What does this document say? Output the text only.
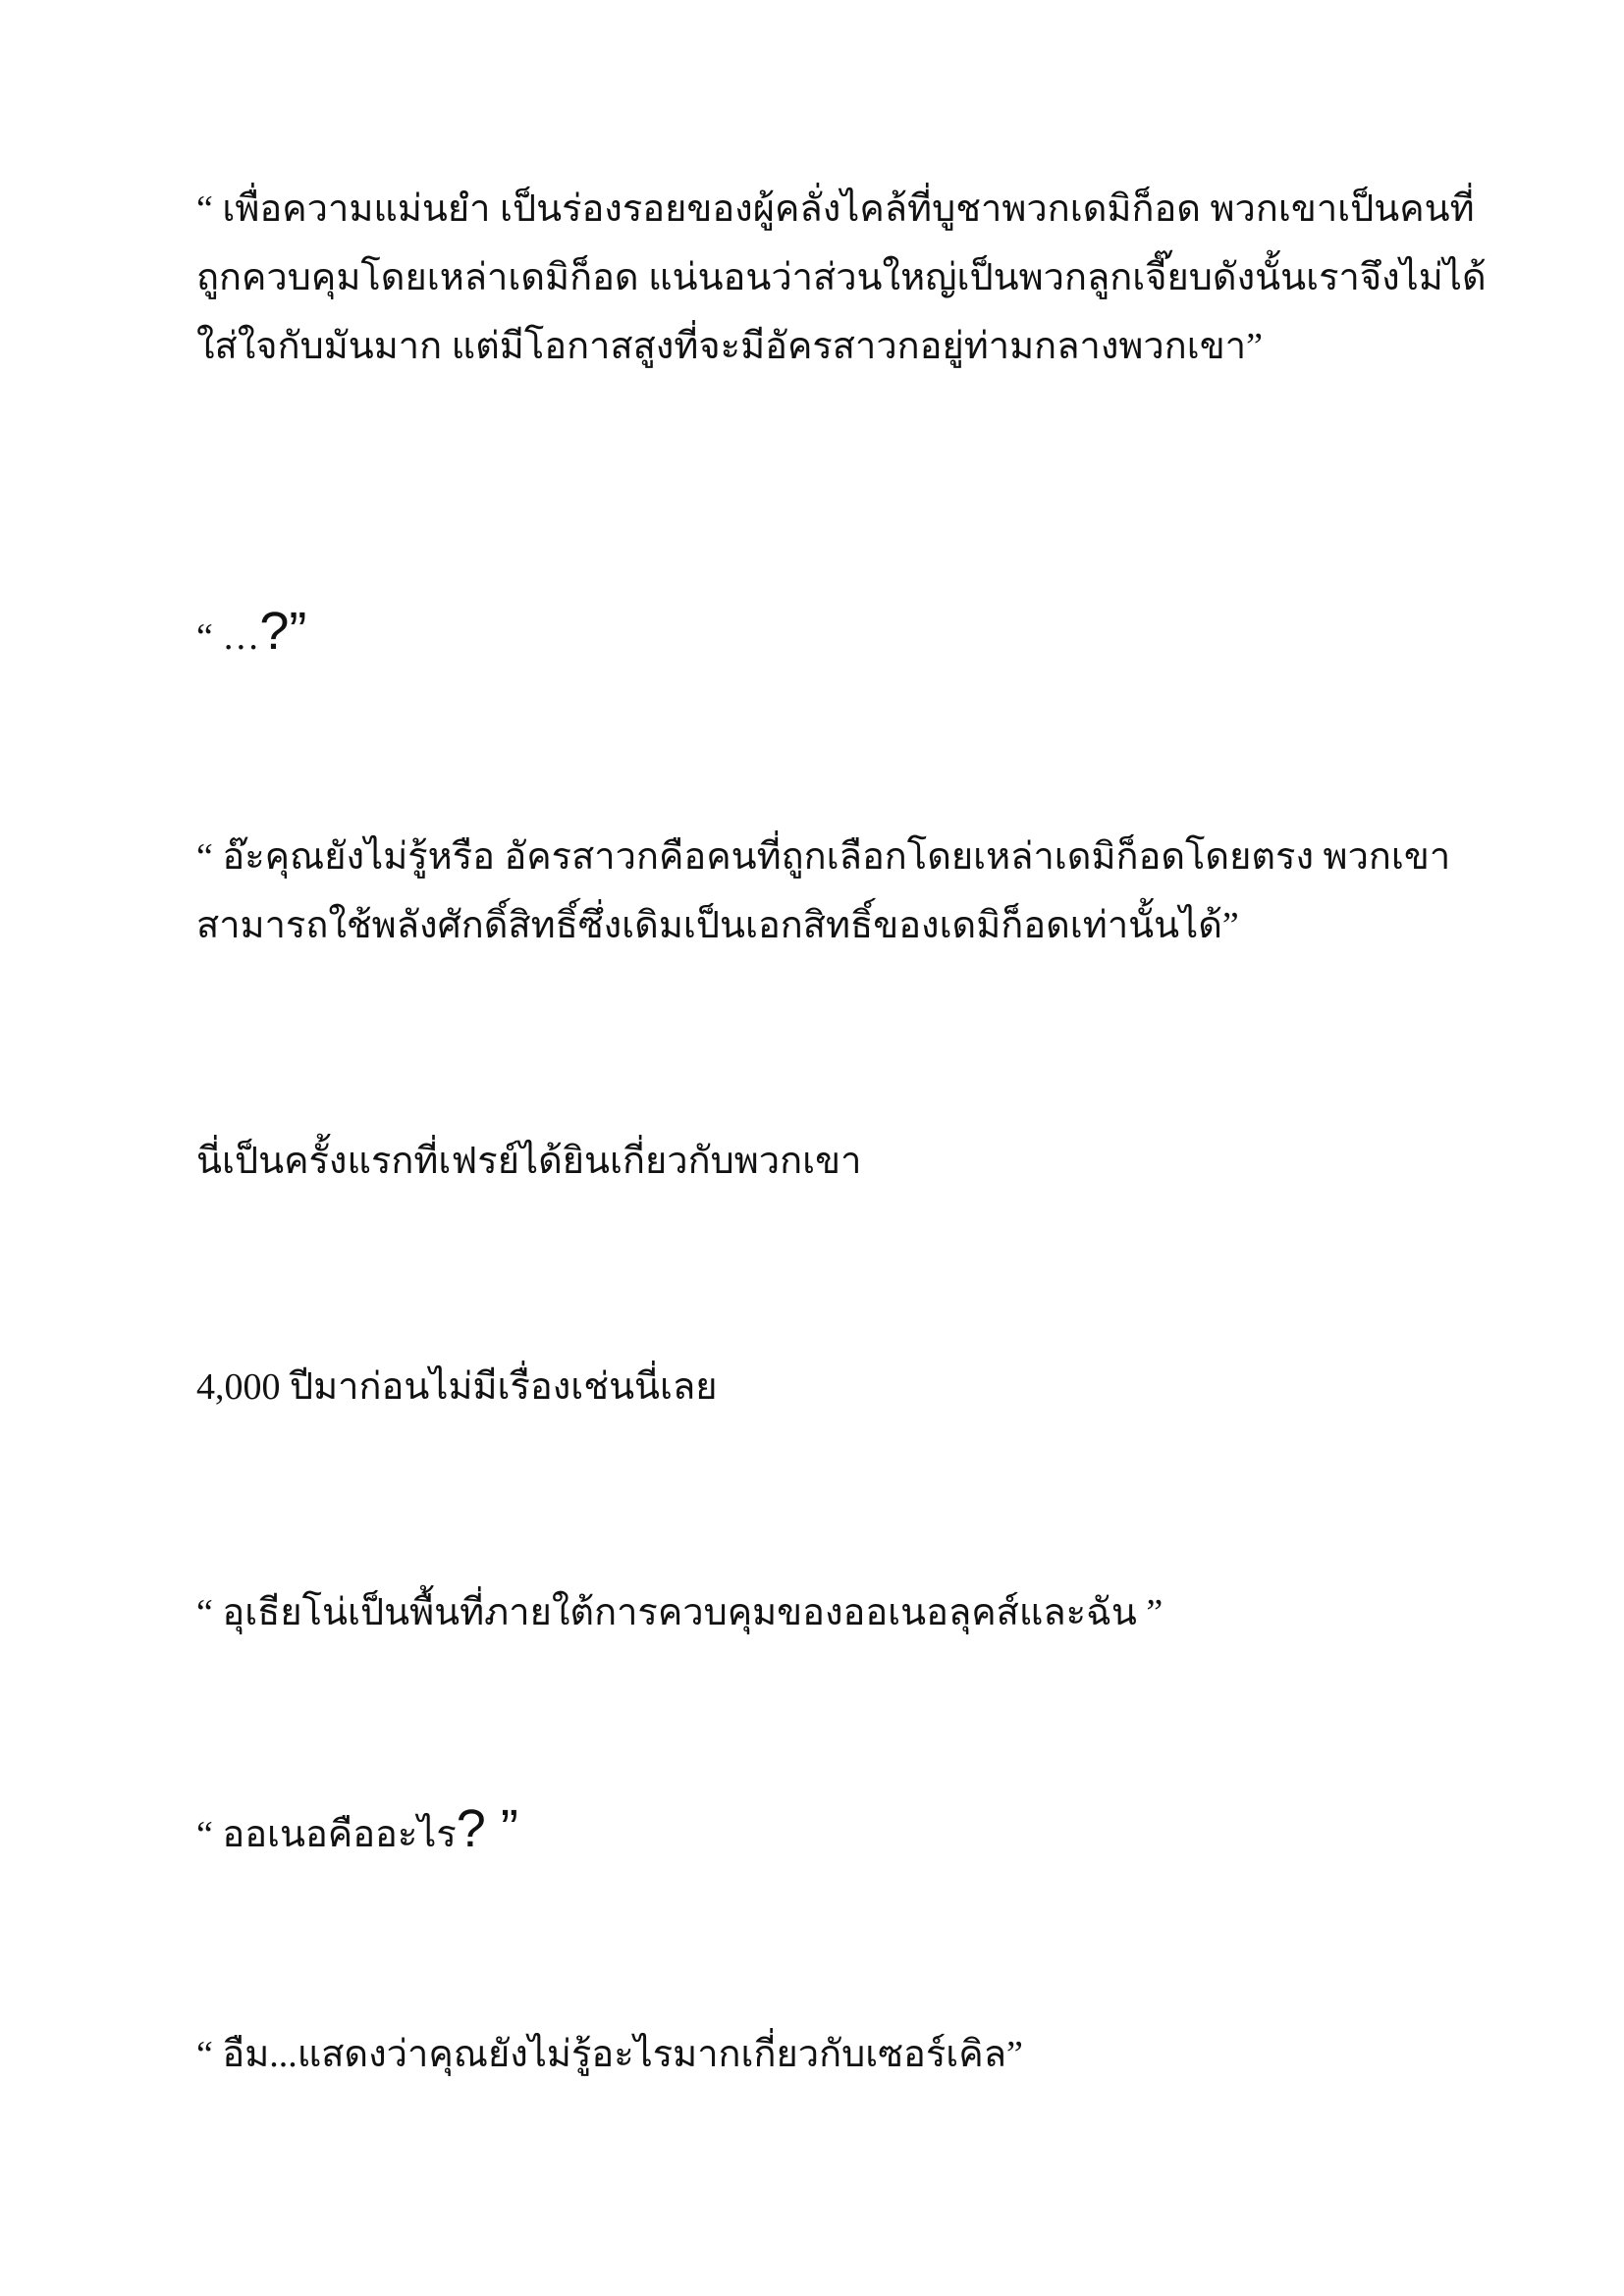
“ เพื่อความแม่นยำ เป็นร่องรอยของผู้คลั่งไคล้ที่บูชาพวกเดมิก็อด พวกเขาเป็นคนที่
ถูกควบคุมโดยเหล่าเดมิก็อด แน่นอนว่าส่วนใหญ่เป็นพวกลูกเจี๊ยบดังนั้นเราจึงไม่ได้
ใส่ใจกับมันมาก แต่มีโอกาสสูงที่จะมีอัครสาวกอยู่ท่ามกลางพวกเขา”

“ …?”

“ อ๊ะคุณยังไม่รู้หรือ อัครสาวกคือคนที่ถูกเลือกโดยเหล่าเดมิก็อดโดยตรง พวกเขา
สามารถใช้พลังศักดิ์สิทธิ์ซึ่งเดิมเป็นเอกสิทธิ์ของเดมิก็อดเท่านั้นได้”

นี่เป็นครั้งแรกที่เฟรย์ได้ยินเกี่ยวกับพวกเขา

4,000 ปีมาก่อนไม่มีเรื่องเช่นนี่เลย

“ อุเธียโน่เป็นพื้นที่ภายใต้การควบคุมของออเนอลุคส์และฉัน ”

“ ออเนอคืออะไร? ”

“ อืม...แสดงว่าคุณยังไม่รู้อะไรมากเกี่ยวกับเซอร์เคิล”
